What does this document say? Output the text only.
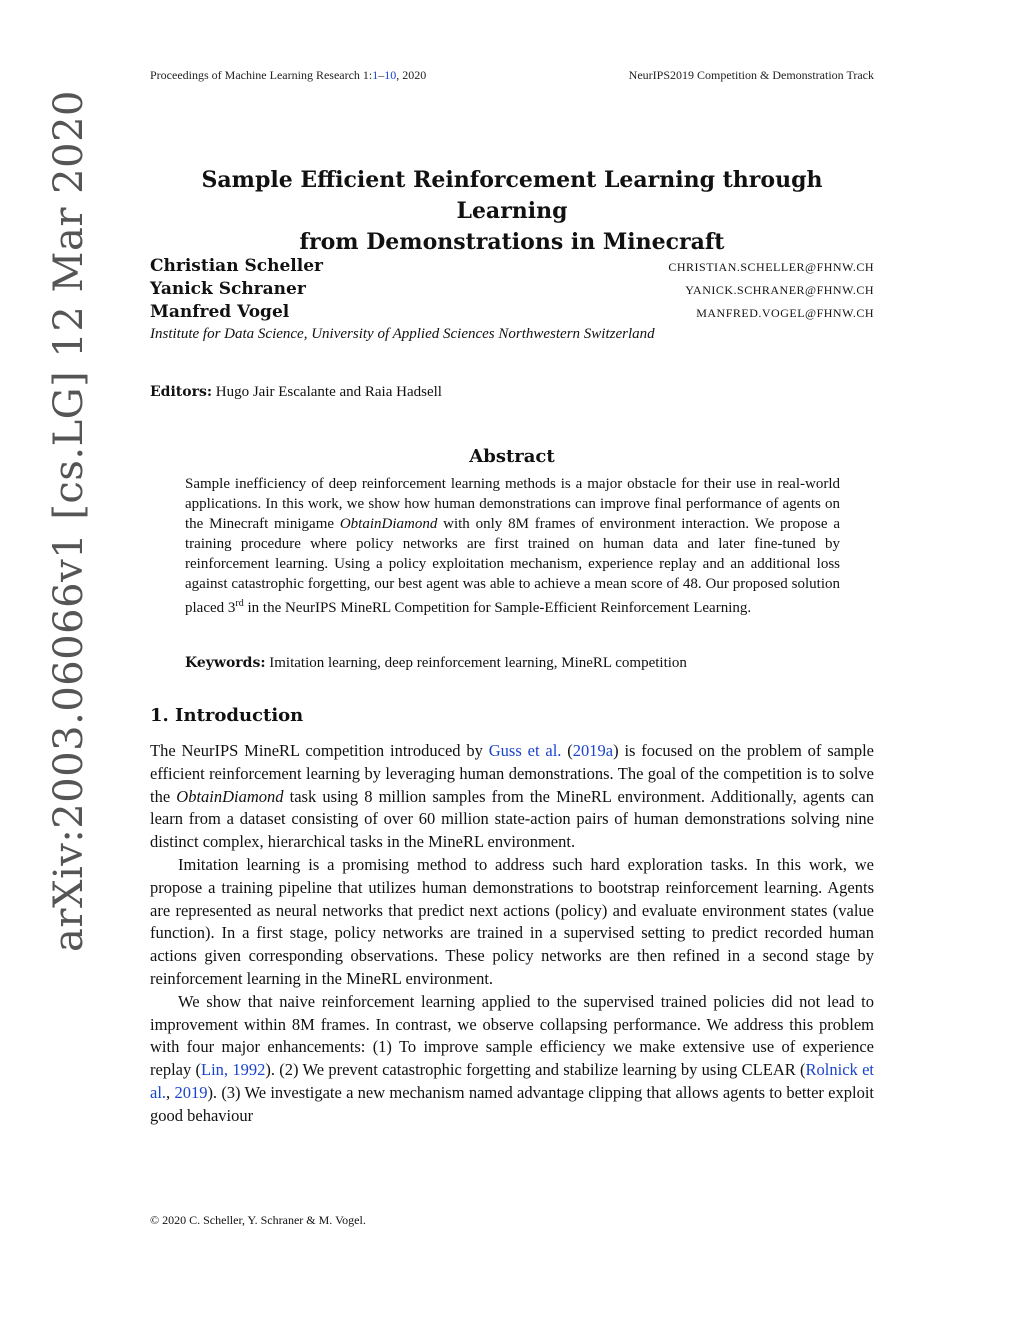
Proceedings of Machine Learning Research 1:1–10, 2020	NeurIPS2019 Competition & Demonstration Track
arXiv:2003.06066v1 [cs.LG] 12 Mar 2020	Sample Efficient Reinforcement Learning through Learning
from Demonstrations in Minecraft
Christian Scheller	CHRISTIAN.SCHELLER@FHNW.CH
Yanick Schraner	YANICK.SCHRANER@FHNW.CH
Manfred Vogel	MANFRED.VOGEL@FHNW.CH
Institute for Data Science, University of Applied Sciences Northwestern Switzerland
Editors: Hugo Jair Escalante and Raia Hadsell
Abstract

Sample inefficiency of deep reinforcement learning methods is a major obstacle for their use in real-world applications. In this work, we show how human demonstrations can improve final performance of agents on the Minecraft minigame ObtainDiamond with only 8M frames of environment interaction. We propose a training procedure where policy networks are first trained on human data and later fine-tuned by reinforcement learning. Using a policy exploitation mechanism, experience replay and an additional loss against catastrophic forgetting, our best agent was able to achieve a mean score of 48. Our proposed solution placed 3rd in the NeurIPS MineRL Competition for Sample-Efficient Reinforcement Learning.

Keywords: Imitation learning, deep reinforcement learning, MineRL competition
1. Introduction

The NeurIPS MineRL competition introduced by Guss et al. (2019a) is focused on the problem of sample efficient reinforcement learning by leveraging human demonstrations. The goal of the competition is to solve the ObtainDiamond task using 8 million samples from the MineRL environment. Additionally, agents can learn from a dataset consisting of over 60 million state-action pairs of human demonstrations solving nine distinct complex, hierarchical tasks in the MineRL environment.

Imitation learning is a promising method to address such hard exploration tasks. In this work, we propose a training pipeline that utilizes human demonstrations to bootstrap reinforcement learning. Agents are represented as neural networks that predict next actions (policy) and evaluate environment states (value function). In a first stage, policy networks are trained in a supervised setting to predict recorded human actions given corresponding observations. These policy networks are then refined in a second stage by reinforcement learning in the MineRL environment.

We show that naive reinforcement learning applied to the supervised trained policies did not lead to improvement within 8M frames. In contrast, we observe collapsing performance. We address this problem with four major enhancements: (1) To improve sample efficiency we make extensive use of experience replay (Lin, 1992). (2) We prevent catastrophic forgetting and stabilize learning by using CLEAR (Rolnick et al., 2019). (3) We investigate a new mechanism named advantage clipping that allows agents to better exploit good behaviour

© 2020 C. Scheller, Y. Schraner & M. Vogel.
